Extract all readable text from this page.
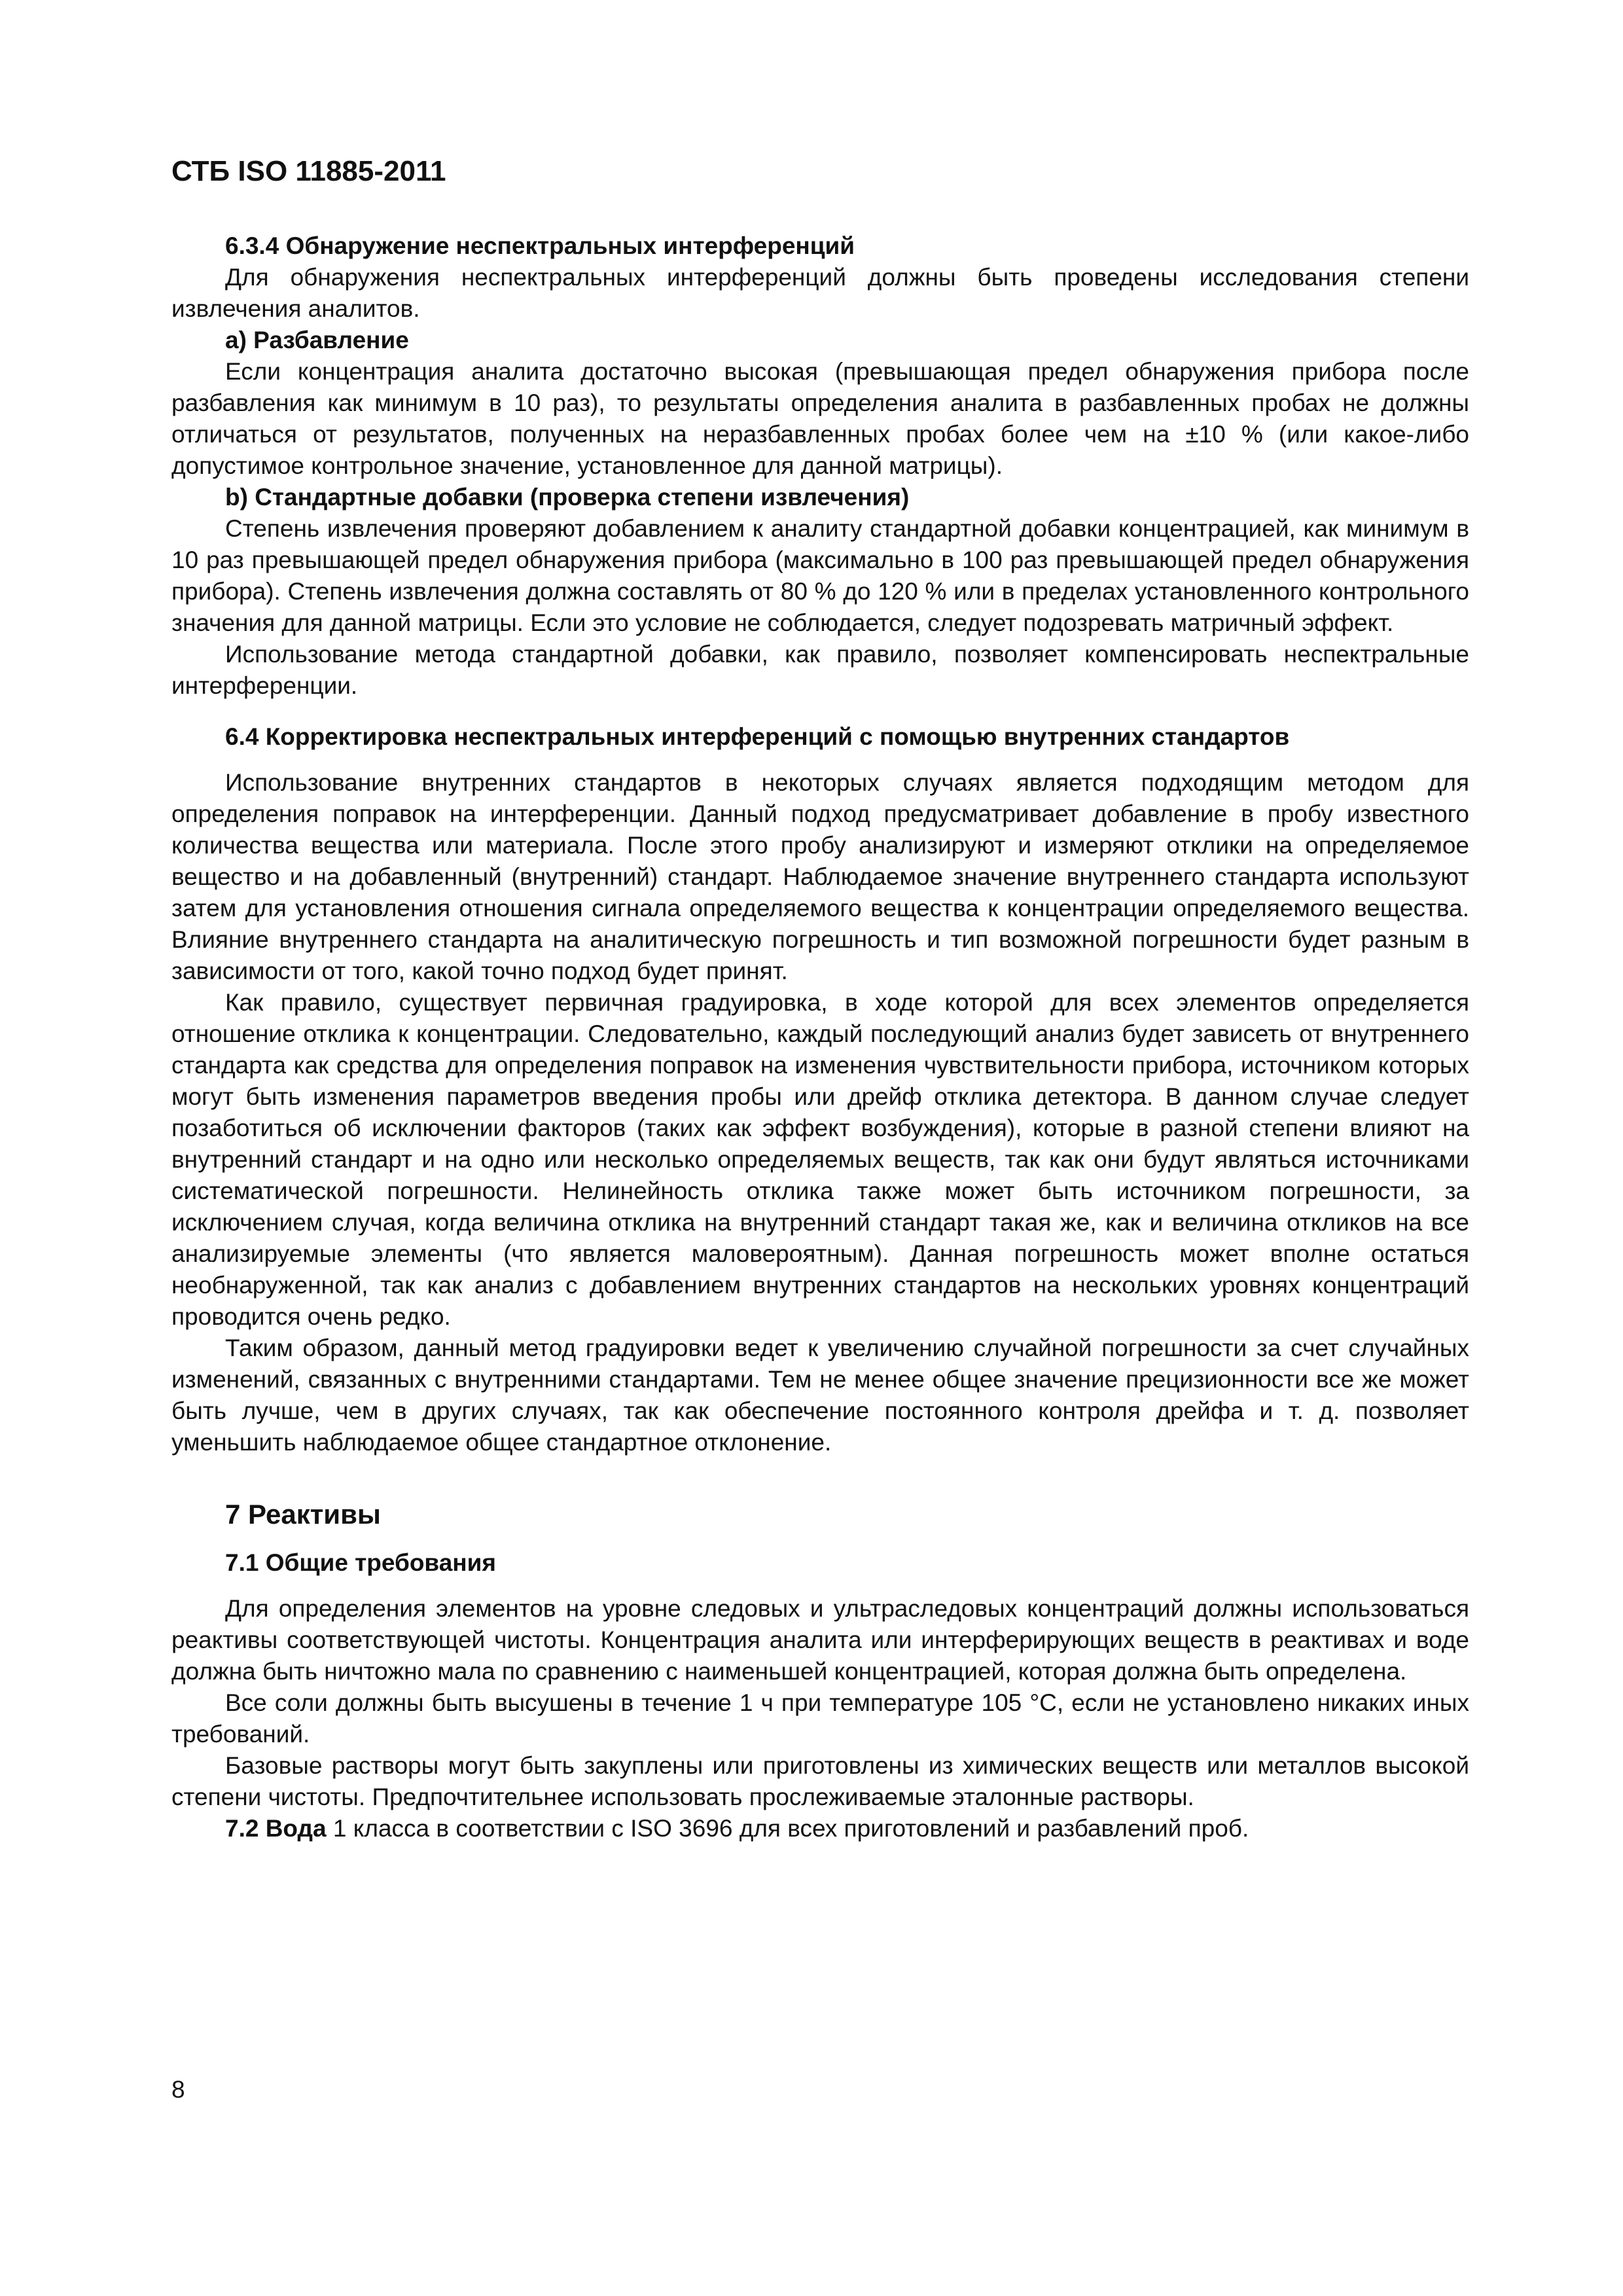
СТБ ISO 11885-2011
6.3.4 Обнаружение неспектральных интерференций

Для обнаружения неспектральных интерференций должны быть проведены исследования степени извлечения аналитов.

а) Разбавление

Если концентрация аналита достаточно высокая (превышающая предел обнаружения прибора после разбавления как минимум в 10 раз), то результаты определения аналита в разбавленных пробах не должны отличаться от результатов, полученных на неразбавленных пробах более чем на ±10 % (или какое-либо допустимое контрольное значение, установленное для данной матрицы).

b) Стандартные добавки (проверка степени извлечения)

Степень извлечения проверяют добавлением к аналиту стандартной добавки концентрацией, как минимум в 10 раз превышающей предел обнаружения прибора (максимально в 100 раз превышающей предел обнаружения прибора). Степень извлечения должна составлять от 80 % до 120 % или в пределах установленного контрольного значения для данной матрицы. Если это условие не соблюдается, следует подозревать матричный эффект.

Использование метода стандартной добавки, как правило, позволяет компенсировать неспектральные интерференции.

6.4 Корректировка неспектральных интерференций с помощью внутренних стандартов

Использование внутренних стандартов в некоторых случаях является подходящим методом для определения поправок на интерференции. Данный подход предусматривает добавление в пробу известного количества вещества или материала. После этого пробу анализируют и измеряют отклики на определяемое вещество и на добавленный (внутренний) стандарт. Наблюдаемое значение внутреннего стандарта используют затем для установления отношения сигнала определяемого вещества к концентрации определяемого вещества. Влияние внутреннего стандарта на аналитическую погрешность и тип возможной погрешности будет разным в зависимости от того, какой точно подход будет принят.

Как правило, существует первичная градуировка, в ходе которой для всех элементов определяется отношение отклика к концентрации. Следовательно, каждый последующий анализ будет зависеть от внутреннего стандарта как средства для определения поправок на изменения чувствительности прибора, источником которых могут быть изменения параметров введения пробы или дрейф отклика детектора. В данном случае следует позаботиться об исключении факторов (таких как эффект возбуждения), которые в разной степени влияют на внутренний стандарт и на одно или несколько определяемых веществ, так как они будут являться источниками систематической погрешности. Нелинейность отклика также может быть источником погрешности, за исключением случая, когда величина отклика на внутренний стандарт такая же, как и величина откликов на все анализируемые элементы (что является маловероятным). Данная погрешность может вполне остаться необнаруженной, так как анализ с добавлением внутренних стандартов на нескольких уровнях концентраций проводится очень редко.

Таким образом, данный метод градуировки ведет к увеличению случайной погрешности за счет случайных изменений, связанных с внутренними стандартами. Тем не менее общее значение прецизионности все же может быть лучше, чем в других случаях, так как обеспечение постоянного контроля дрейфа и т. д. позволяет уменьшить наблюдаемое общее стандартное отклонение.

7 Реактивы
7.1 Общие требования

Для определения элементов на уровне следовых и ультраследовых концентраций должны использоваться реактивы соответствующей чистоты. Концентрация аналита или интерферирующих веществ в реактивах и воде должна быть ничтожно мала по сравнению с наименьшей концентрацией, которая должна быть определена.

Все соли должны быть высушены в течение 1 ч при температуре 105 °С, если не установлено никаких иных требований.

Базовые растворы могут быть закуплены или приготовлены из химических веществ или металлов высокой степени чистоты. Предпочтительнее использовать прослеживаемые эталонные растворы.

7.2 Вода 1 класса в соответствии с ISO 3696 для всех приготовлений и разбавлений проб.

8
